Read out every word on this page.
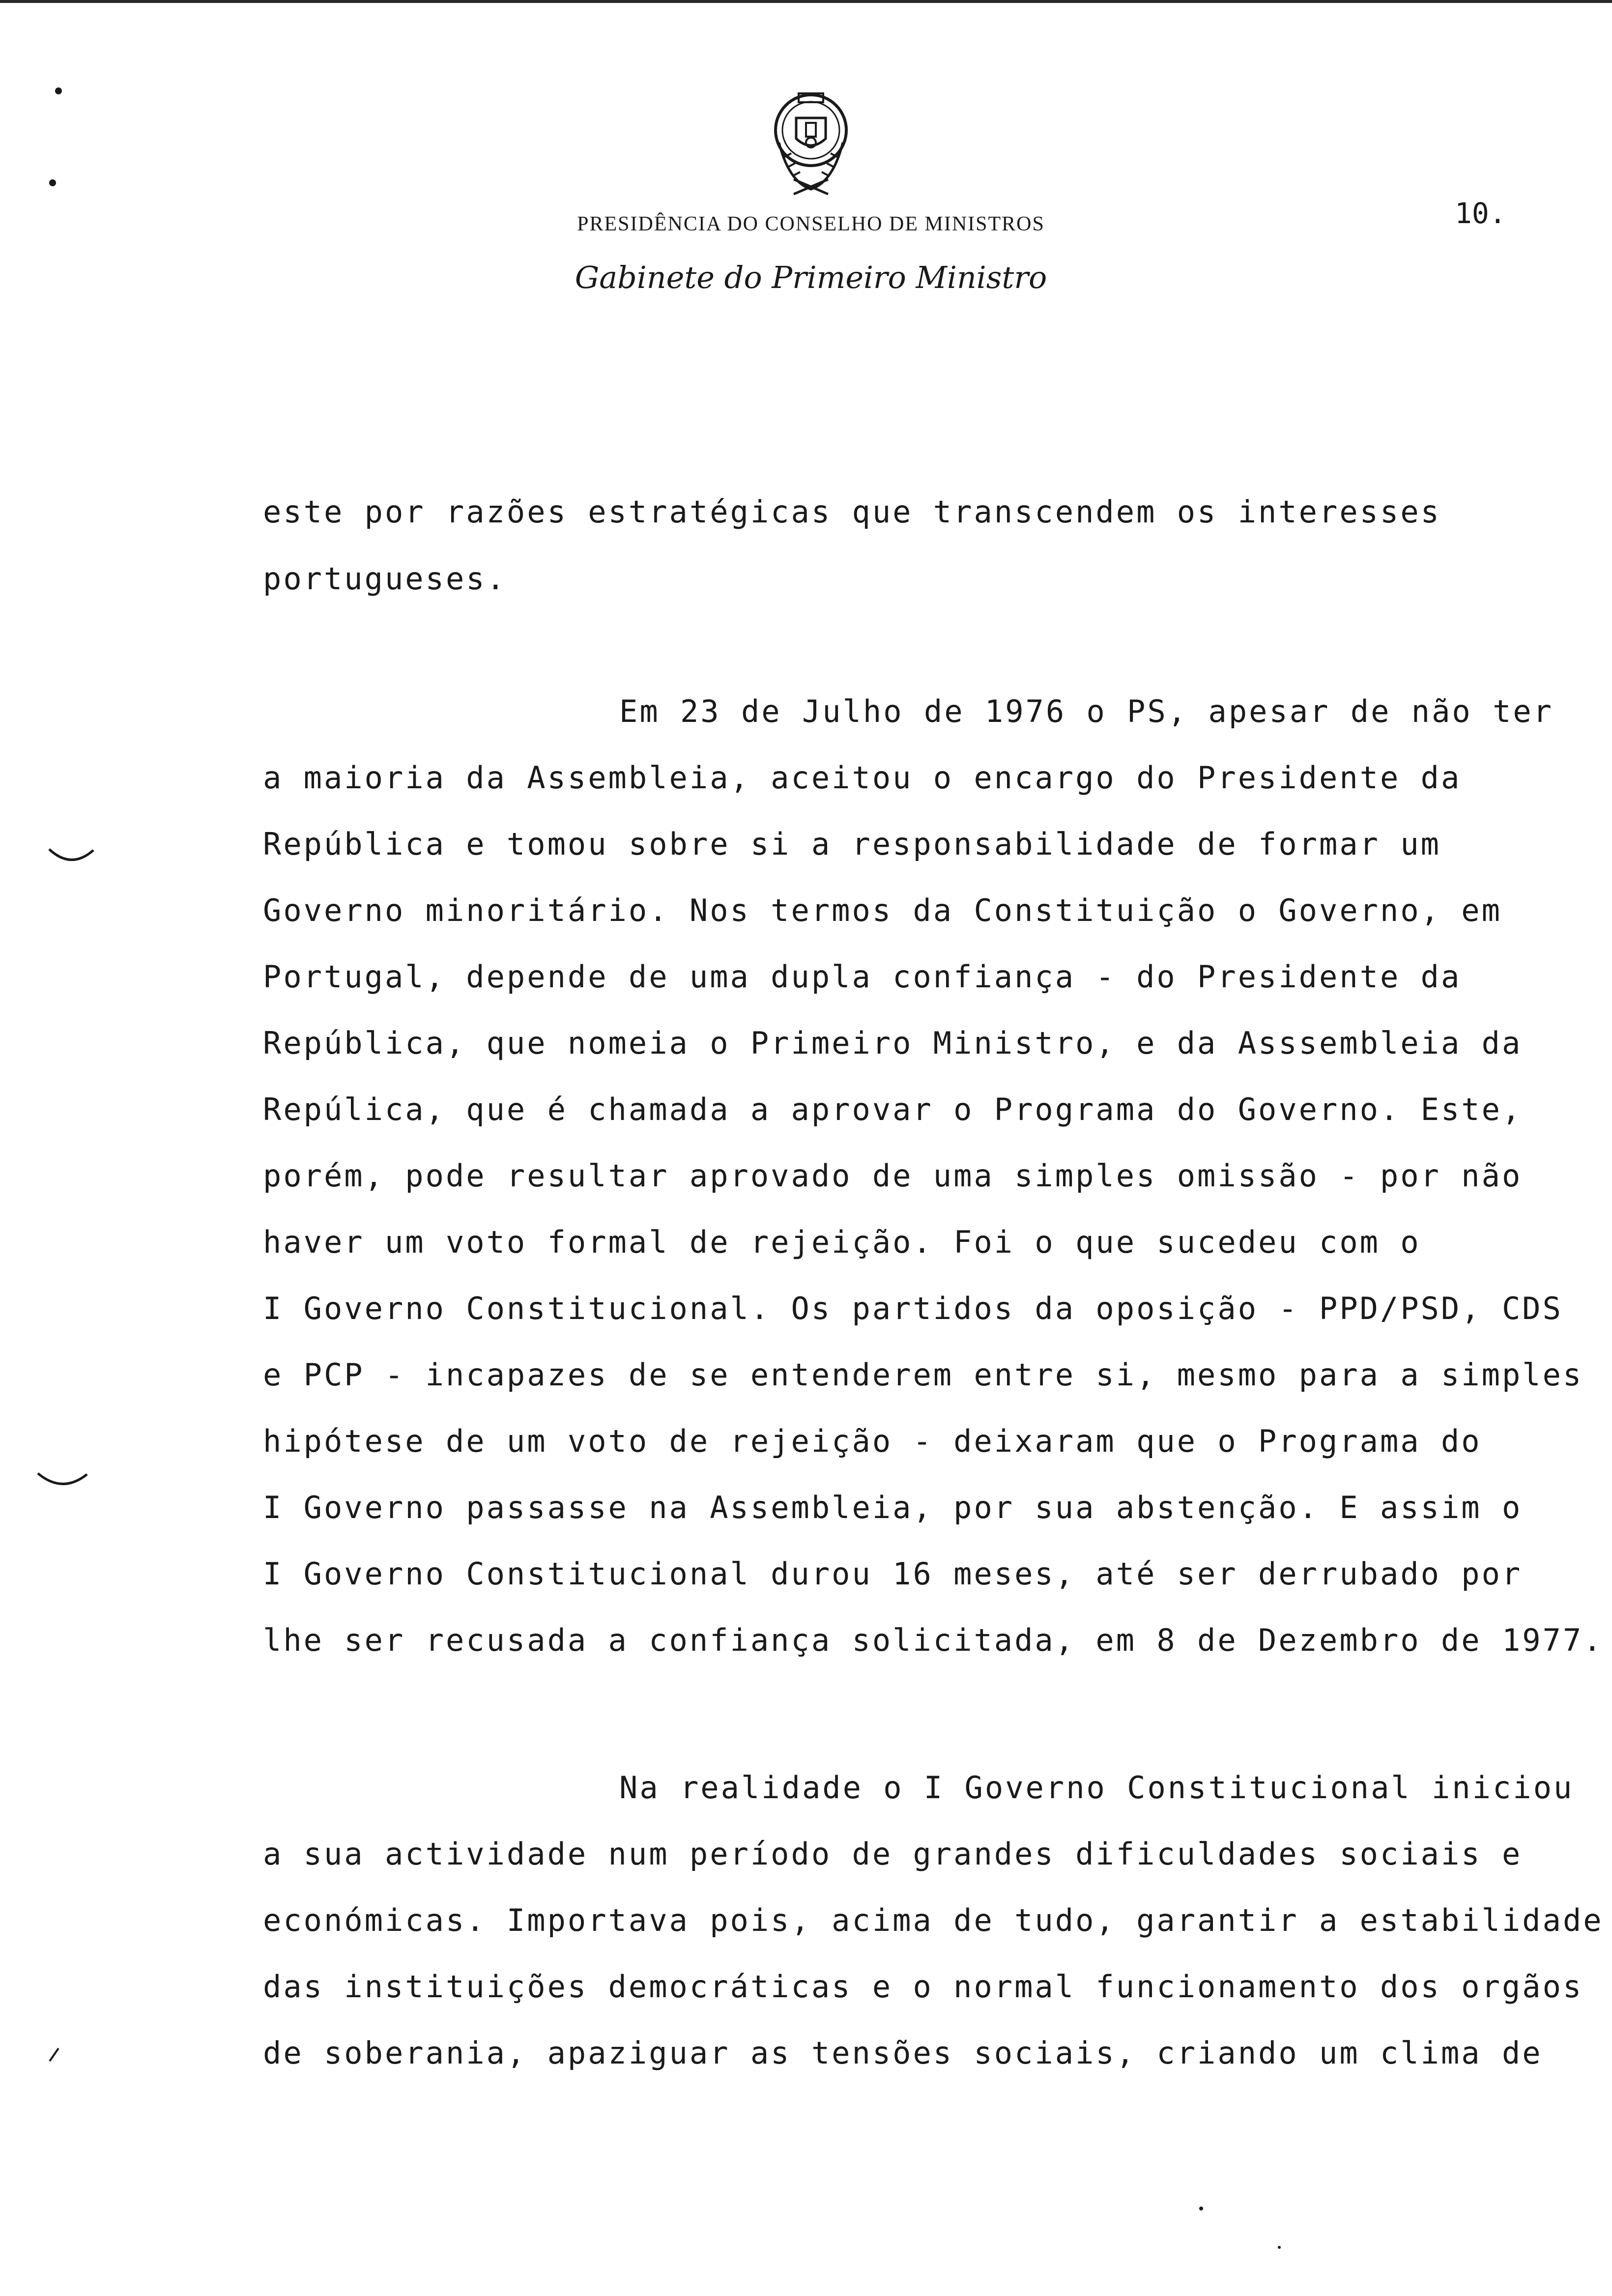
PRESIDÊNCIA DO CONSELHO DE MINISTROS
Gabinete do Primeiro Ministro
10.
este por razões estratégicas que transcendem os interesses
portugueses.
Em 23 de Julho de 1976 o PS, apesar de não ter
a maioria da Assembleia, aceitou o encargo do Presidente da
República e tomou sobre si a responsabilidade de formar um
Governo minoritário. Nos termos da Constituição o Governo, em
Portugal, depende de uma dupla confiança - do Presidente da
República, que nomeia o Primeiro Ministro, e da Asssembleia da
Repúlica, que é chamada a aprovar o Programa do Governo. Este,
porém, pode resultar aprovado de uma simples omissão - por não
haver um voto formal de rejeição. Foi o que sucedeu com o
I Governo Constitucional. Os partidos da oposição - PPD/PSD, CDS
e PCP - incapazes de se entenderem entre si, mesmo para a simples
hipótese de um voto de rejeição - deixaram que o Programa do
I Governo passasse na Assembleia, por sua abstenção. E assim o
I Governo Constitucional durou 16 meses, até ser derrubado por
lhe ser recusada a confiança solicitada, em 8 de Dezembro de 1977.
Na realidade o I Governo Constitucional iniciou
a sua actividade num período de grandes dificuldades sociais e
económicas. Importava pois, acima de tudo, garantir a estabilidade
das instituições democráticas e o normal funcionamento dos orgãos
de soberania, apaziguar as tensões sociais, criando um clima de
